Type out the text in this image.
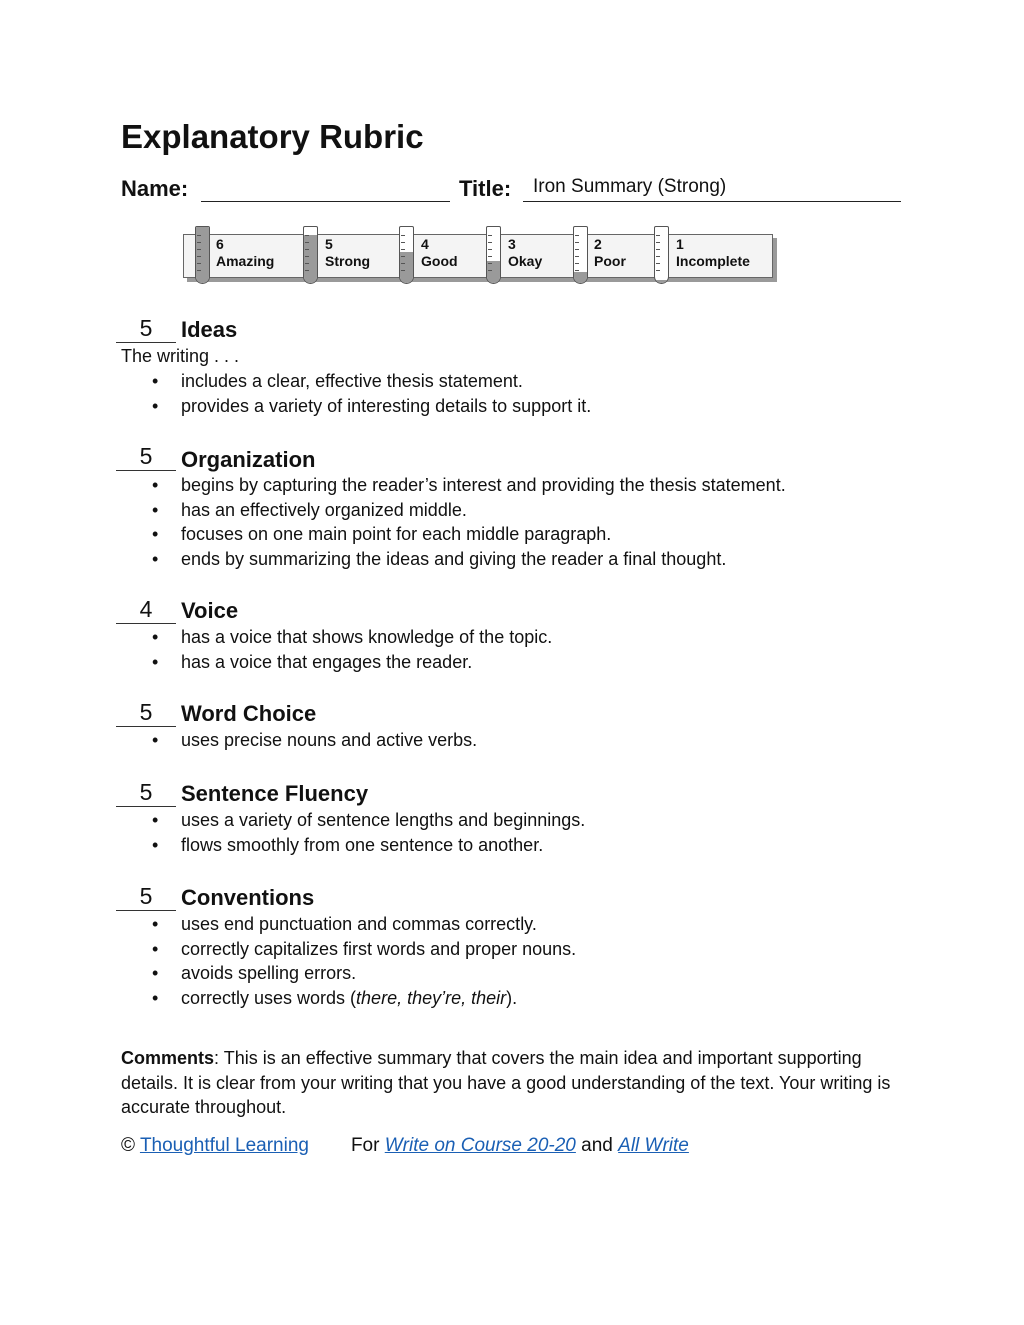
Explanatory Rubric
Name:	Title: Iron Summary (Strong)
6
Amazing
5
Strong
4
Good
3
Okay
2
Poor
1
Incomplete
5	Ideas
The writing . . .
• includes a clear, effective thesis statement.
• provides a variety of interesting details to support it.
5	Organization
• begins by capturing the reader’s interest and providing the thesis statement.
• has an effectively organized middle.
• focuses on one main point for each middle paragraph.
• ends by summarizing the ideas and giving the reader a final thought.
4	Voice
• has a voice that shows knowledge of the topic.
• has a voice that engages the reader.
5	Word Choice
• uses precise nouns and active verbs.
5	Sentence Fluency
• uses a variety of sentence lengths and beginnings.
• flows smoothly from one sentence to another.
5	Conventions
• uses end punctuation and commas correctly.
• correctly capitalizes first words and proper nouns.
• avoids spelling errors.
• correctly uses words (there, they’re, their).
Comments: This is an effective summary that covers the main idea and important supporting details. It is clear from your writing that you have a good understanding of the text. Your writing is accurate throughout.
© Thoughtful Learning For Write on Course 20-20 and All Write
